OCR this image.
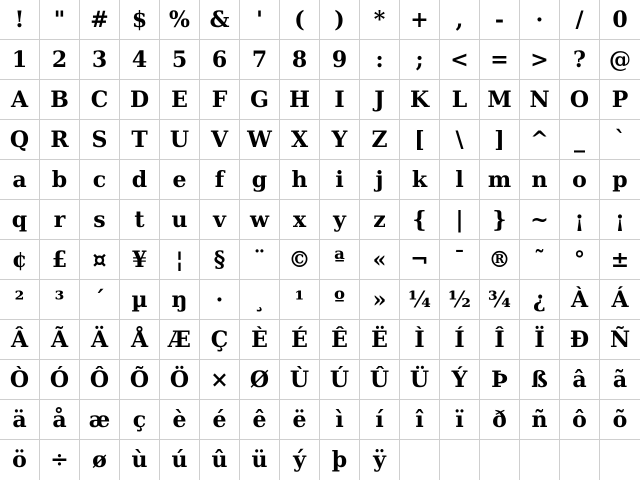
!	"	#	$ % &	'	(	)	*	+	,	-	·	/	0
1	2	3	4	5	6	7	8	9	:	;	< = >	?	@
A	B C D	E	F	G H	I	J	K	L M N O	P
Q R	S	T	U V W X	Y	Z	[	\	]	^	_	`
a	b	c	d	e	f	g	h	i	j	k	l	m n	o	p
q	r	s	t	u	v	w	x	y	z	{	|	}	~	¡	¡
¢	£	¤	¥	¦	§	¨	©	ª	«	¬	¯	®	˜	°	±
²	³	´	µ	ŋ	·	¸	¹	º	» ¼ ½ ¾	¿	À	Á
Â	Ã	Ä	Å Æ Ç	È	É	Ê	Ë	Ì	Í	Î	Ï	Ð Ñ
Ò Ó Ô Õ Ö × Ø Ù Ú Û Ü	Ý	Þ	ß	â	ã
ä	å	æ	ç	è	é	ê	ë	ì	í	î	ï	ð	ñ	ô	õ
ö	÷	ø	ù	ú	û	ü	ý	þ	ÿ
